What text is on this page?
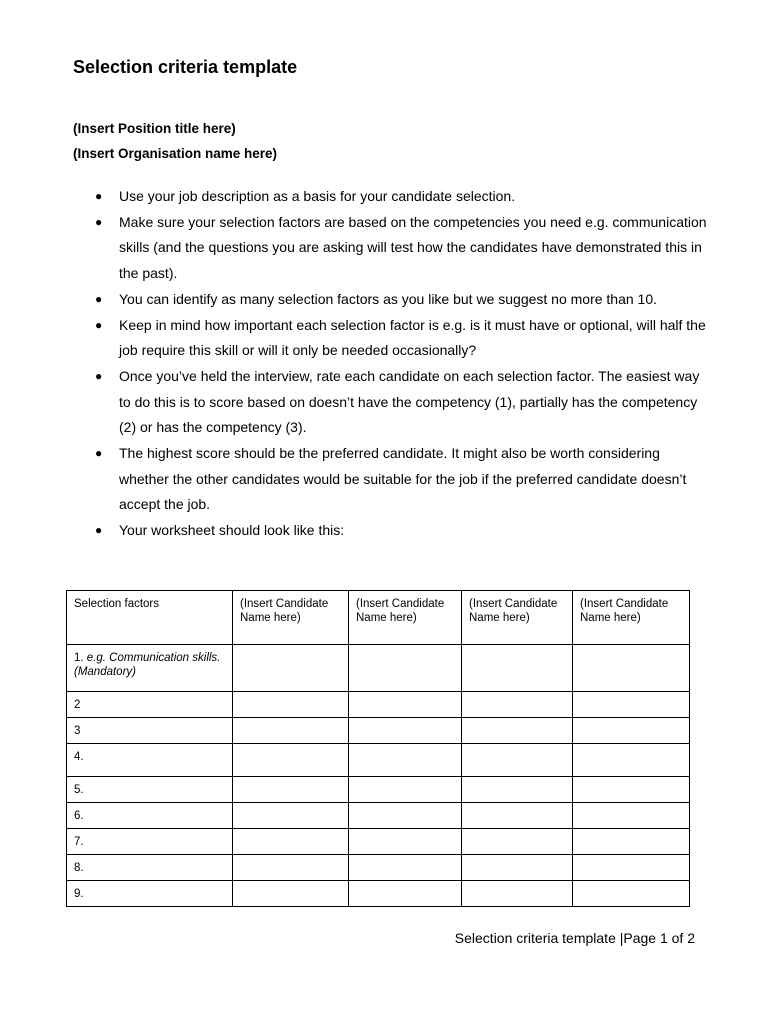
Selection criteria template

(Insert Position title here)

(Insert Organisation name here)

● Use your job description as a basis for your candidate selection.
● Make sure your selection factors are based on the competencies you need e.g. communication skills (and the questions you are asking will test how the candidates have demonstrated this in the past).
● You can identify as many selection factors as you like but we suggest no more than 10.
● Keep in mind how important each selection factor is e.g. is it must have or optional, will half the job require this skill or will it only be needed occasionally?
● Once you’ve held the interview, rate each candidate on each selection factor. The easiest way to do this is to score based on doesn’t have the competency (1), partially has the competency (2) or has the competency (3).
● The highest score should be the preferred candidate. It might also be worth considering whether the other candidates would be suitable for the job if the preferred candidate doesn’t accept the job.
● Your worksheet should look like this:
Selection factors	(Insert Candidate Name here)	(Insert Candidate Name here)	(Insert Candidate Name here)	(Insert Candidate Name here)
1. e.g. Communication skills. (Mandatory)				
2				
3				
4.				
5.				
6.				
7.				
8.				
9.				

Selection criteria template |Page 1 of 2
